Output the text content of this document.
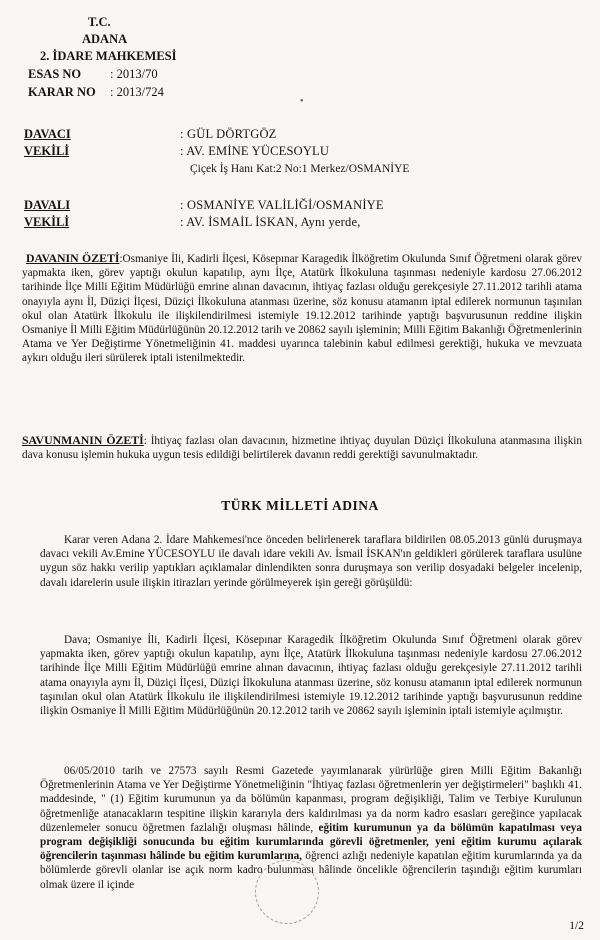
T.C.
ADANA
2. İDARE MAHKEMESİ
ESAS NO : 2013/70
KARAR NO : 2013/724
•
DAVACI	: GÜL DÖRTGÖZ
VEKİLİ	: AV. EMİNE YÜCESOYLU
Çiçek İş Hanı Kat:2 No:1 Merkez/OSMANİYE
DAVALI	: OSMANİYE VALİLİĞİ/OSMANİYE
VEKİLİ	: AV. İSMAİL İSKAN, Aynı yerde,
DAVANIN ÖZETİ:Osmaniye İli, Kadirli İlçesi, Kösepınar Karagedik İlköğretim Okulunda Sınıf Öğretmeni olarak görev yapmakta iken, görev yaptığı okulun kapatılıp, aynı İlçe, Atatürk İlkokuluna taşınması nedeniyle kardosu 27.06.2012 tarihinde İlçe Milli Eğitim Müdürlüğü emrine alınan davacının, ihtiyaç fazlası olduğu gerekçesiyle 27.11.2012 tarihli atama onayıyla aynı İl, Düziçi İlçesi, Düziçi İlkokuluna atanması üzerine, söz konusu atamanın iptal edilerek normunun taşınılan okul olan Atatürk İlkokulu ile ilişkilendirilmesi istemiyle 19.12.2012 tarihinde yaptığı başvurusunun reddine ilişkin Osmaniye İl Milli Eğitim Müdürlüğünün 20.12.2012 tarih ve 20862 sayılı işleminin; Milli Eğitim Bakanlığı Öğretmenlerinin Atama ve Yer Değiştirme Yönetmeliğinin 41. maddesi uyarınca talebinin kabul edilmesi gerektiği, hukuka ve mevzuata aykırı olduğu ileri sürülerek iptali istenilmektedir.
SAVUNMANIN ÖZETİ: İhtiyaç fazlası olan davacının, hizmetine ihtiyaç duyulan Düziçi İlkokuluna atanmasına ilişkin dava konusu işlemin hukuka uygun tesis edildiği belirtilerek davanın reddi gerektiği savunulmaktadır.
TÜRK MİLLETİ ADINA
Karar veren Adana 2. İdare Mahkemesi'nce önceden belirlenerek taraflara bildirilen 08.05.2013 günlü duruşmaya davacı vekili Av.Emine YÜCESOYLU ile davalı idare vekili Av. İsmail İSKAN'ın geldikleri görülerek taraflara usulüne uygun söz hakkı verilip yaptıkları açıklamalar dinlendikten sonra duruşmaya son verilip dosyadaki belgeler incelenip, davalı idarelerin usule ilişkin itirazları yerinde görülmeyerek işin gereği görüşüldü:
Dava; Osmaniye İli, Kadirli İlçesi, Kösepınar Karagedik İlköğretim Okulunda Sınıf Öğretmeni olarak görev yapmakta iken, görev yaptığı okulun kapatılıp, aynı İlçe, Atatürk İlkokuluna taşınması nedeniyle kardosu 27.06.2012 tarihinde İlçe Milli Eğitim Müdürlüğü emrine alınan davacının, ihtiyaç fazlası olduğu gerekçesiyle 27.11.2012 tarihli atama onayıyla aynı İl, Düziçi İlçesi, Düziçi İlkokuluna atanması üzerine, söz konusu atamanın iptal edilerek normunun taşınılan okul olan Atatürk İlkokulu ile ilişkilendirilmesi istemiyle 19.12.2012 tarihinde yaptığı başvurusunun reddine ilişkin Osmaniye İl Milli Eğitim Müdürlüğünün 20.12.2012 tarih ve 20862 sayılı işleminin iptali istemiyle açılmıştır.
06/05/2010 tarih ve 27573 sayılı Resmi Gazetede yayımlanarak yürürlüğe giren Milli Eğitim Bakanlığı Öğretmenlerinin Atama ve Yer Değiştirme Yönetmeliğinin "İhtiyaç fazlası öğretmenlerin yer değiştirmeleri" başlıklı 41. maddesinde, " (1) Eğitim kurumunun ya da bölümün kapanması, program değişikliği, Talim ve Terbiye Kurulunun öğretmenliğe atanacakların tespitine ilişkin kararıyla ders kaldırılması ya da norm kadro esasları gereğince yapılacak düzenlemeler sonucu öğretmen fazlalığı oluşması hâlinde, eğitim kurumunun ya da bölümün kapatılması veya program değişikliği sonucunda bu eğitim kurumlarında görevli öğretmenler, yeni eğitim kurumu açılarak öğrencilerin taşınması hâlinde bu eğitim kurumlarına, öğrenci azlığı nedeniyle kapatılan eğitim kurumlarında ya da bölümlerde görevli olanlar ise açık norm kadro bulunması hâlinde öncelikle öğrencilerin taşındığı eğitim kurumları olmak üzere il içinde
1/2
